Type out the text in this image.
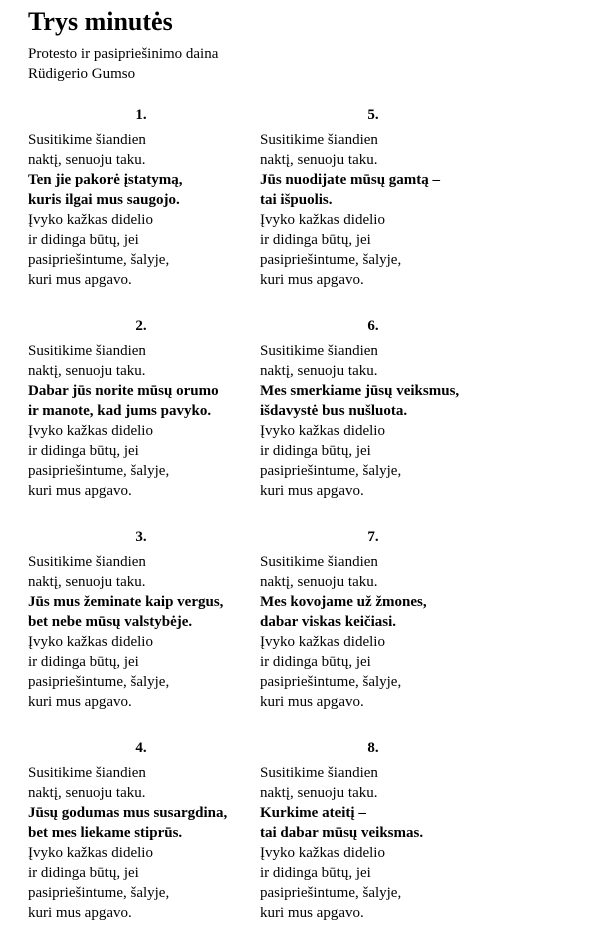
Trys minutės

Protesto ir pasipriešinimo daina

Rüdigerio Gumso

1.
Susitikime šiandien
naktį, senuoju taku.
Ten jie pakorė įstatymą,
kuris ilgai mus saugojo.
Įvyko kažkas didelio
ir didinga būtų, jei
pasipriešintume, šalyje,
kuri mus apgavo.
2.
Susitikime šiandien
naktį, senuoju taku.
Dabar jūs norite mūsų orumo
ir manote, kad jums pavyko.
Įvyko kažkas didelio
ir didinga būtų, jei
pasipriešintume, šalyje,
kuri mus apgavo.
3.
Susitikime šiandien
naktį, senuoju taku.
Jūs mus žeminate kaip vergus,
bet nebe mūsų valstybėje.
Įvyko kažkas didelio
ir didinga būtų, jei
pasipriešintume, šalyje,
kuri mus apgavo.
4.
Susitikime šiandien
naktį, senuoju taku.
Jūsų godumas mus susargdina,
bet mes liekame stiprūs.
Įvyko kažkas didelio
ir didinga būtų, jei
pasipriešintume, šalyje,
kuri mus apgavo.
5.
Susitikime šiandien
naktį, senuoju taku.
Jūs nuodijate mūsų gamtą –
tai išpuolis.
Įvyko kažkas didelio
ir didinga būtų, jei
pasipriešintume, šalyje,
kuri mus apgavo.
6.
Susitikime šiandien
naktį, senuoju taku.
Mes smerkiame jūsų veiksmus,
išdavystė bus nušluota.
Įvyko kažkas didelio
ir didinga būtų, jei
pasipriešintume, šalyje,
kuri mus apgavo.
7.
Susitikime šiandien
naktį, senuoju taku.
Mes kovojame už žmones,
dabar viskas keičiasi.
Įvyko kažkas didelio
ir didinga būtų, jei
pasipriešintume, šalyje,
kuri mus apgavo.
8.
Susitikime šiandien
naktį, senuoju taku.
Kurkime ateitį –
tai dabar mūsų veiksmas.
Įvyko kažkas didelio
ir didinga būtų, jei
pasipriešintume, šalyje,
kuri mus apgavo.
